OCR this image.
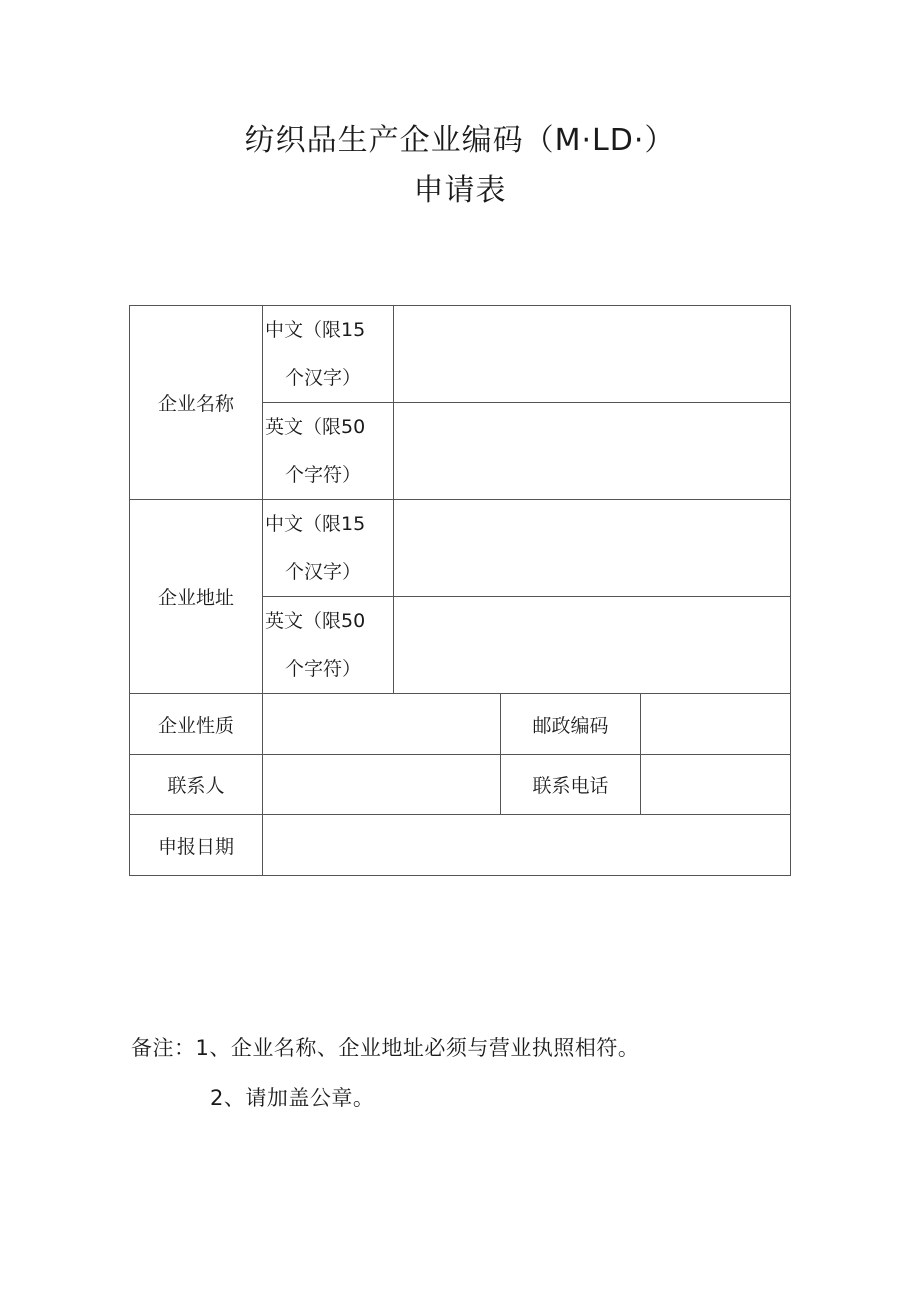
纺织品生产企业编码（M·LD·）
申请表
企业名称	中文（限15
个汉字）			

	英文（限50
个字符）			

企业地址	中文（限15
个汉字）			

	英文（限50
个字符）			

企业性质			邮政编码	
联系人			联系电话	
申报日期				
备注：1、企业名称、企业地址必须与营业执照相符。
2、请加盖公章。
